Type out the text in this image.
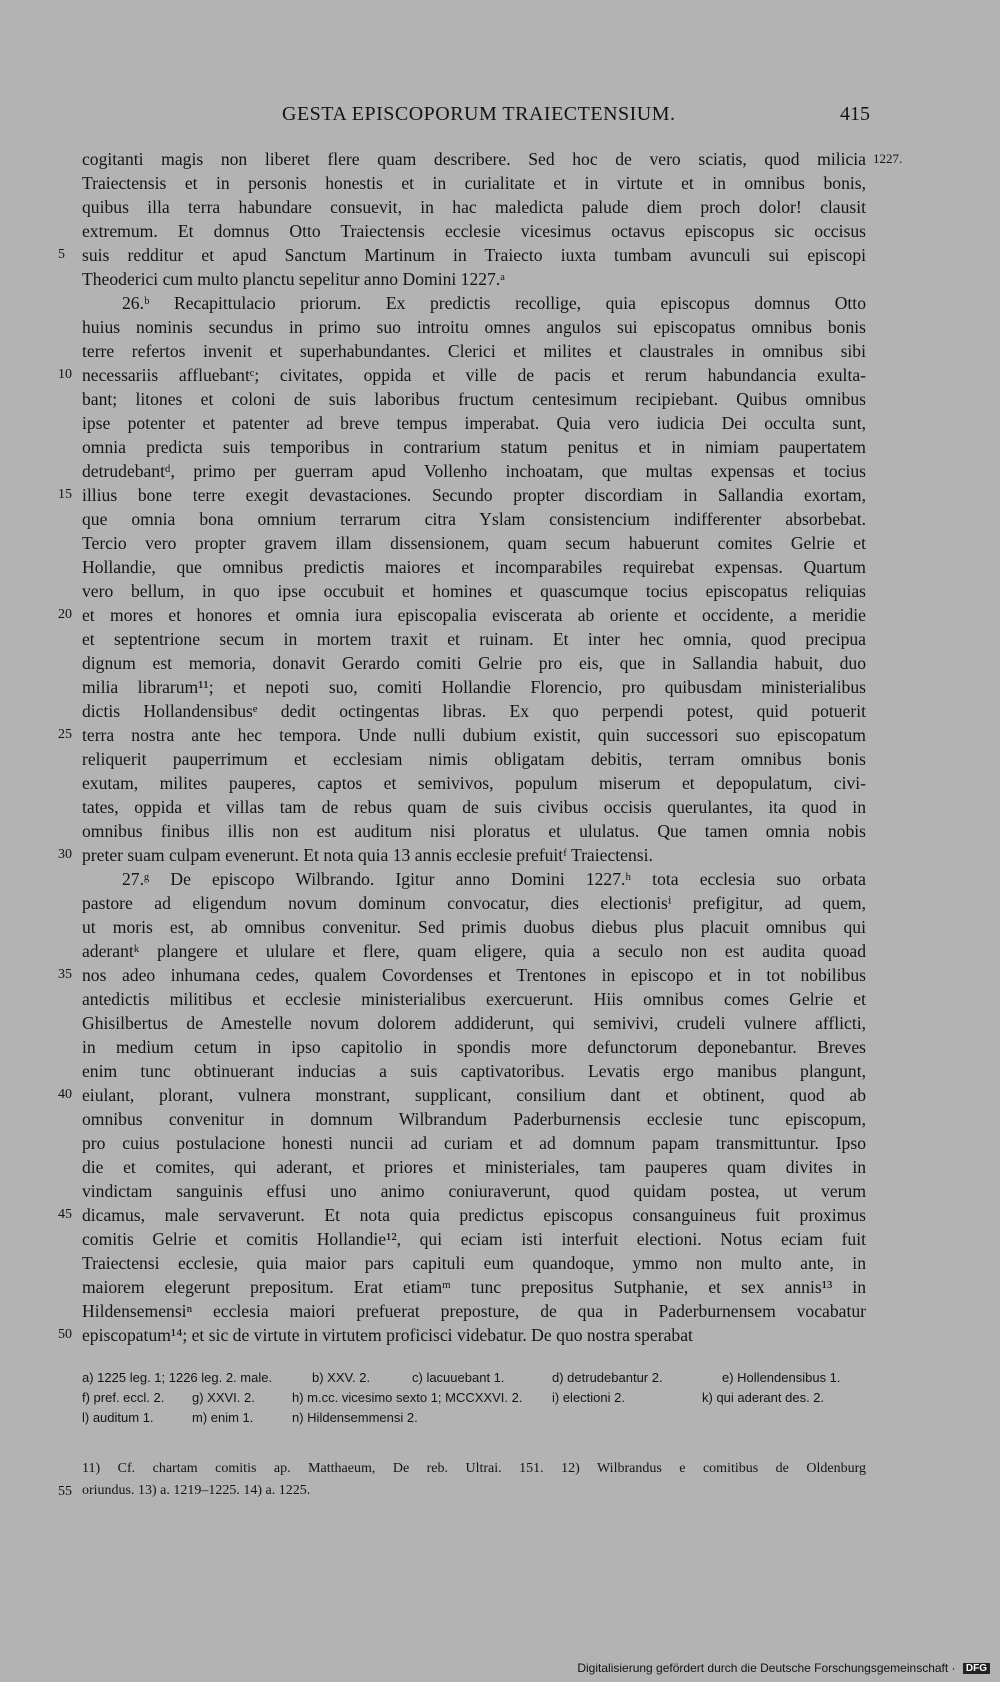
GESTA EPISCOPORUM TRAIECTENSIUM.	415
cogitanti magis non liberet flere quam describere. Sed hoc de vero sciatis, quod milicia
Traiectensis et in personis honestis et in curialitate et in virtute et in omnibus bonis,
quibus illa terra habundare consuevit, in hac maledicta palude diem proch dolor! clausit
extremum. Et domnus Otto Traiectensis ecclesie vicesimus octavus episcopus sic occisus
suis redditur et apud Sanctum Martinum in Traiecto iuxta tumbam avunculi sui episcopi
Theoderici cum multo planctu sepelitur anno Domini 1227.ᵃ
26.ᵇ Recapittulacio priorum. Ex predictis recollige, quia episcopus domnus Otto
huius nominis secundus in primo suo introitu omnes angulos sui episcopatus omnibus bonis
terre refertos invenit et superhabundantes. Clerici et milites et claustrales in omnibus sibi
necessariis affluebantᶜ; civitates, oppida et ville de pacis et rerum habundancia exulta-
bant; litones et coloni de suis laboribus fructum centesimum recipiebant. Quibus omnibus
ipse potenter et patenter ad breve tempus imperabat. Quia vero iudicia Dei occulta sunt,
omnia predicta suis temporibus in contrarium statum penitus et in nimiam paupertatem
detrudebantᵈ, primo per guerram apud Vollenho inchoatam, que multas expensas et tocius
illius bone terre exegit devastaciones. Secundo propter discordiam in Sallandia exortam,
que omnia bona omnium terrarum citra Yslam consistencium indifferenter absorbebat.
Tercio vero propter gravem illam dissensionem, quam secum habuerunt comites Gelrie et
Hollandie, que omnibus predictis maiores et incomparabiles requirebat expensas. Quartum
vero bellum, in quo ipse occubuit et homines et quascumque tocius episcopatus reliquias
et mores et honores et omnia iura episcopalia eviscerata ab oriente et occidente, a meridie
et septentrione secum in mortem traxit et ruinam. Et inter hec omnia, quod precipua
dignum est memoria, donavit Gerardo comiti Gelrie pro eis, que in Sallandia habuit, duo
milia librarum¹¹; et nepoti suo, comiti Hollandie Florencio, pro quibusdam ministerialibus
dictis Hollandensibusᵉ dedit octingentas libras. Ex quo perpendi potest, quid potuerit
terra nostra ante hec tempora. Unde nulli dubium existit, quin successori suo episcopatum
reliquerit pauperrimum et ecclesiam nimis obligatam debitis, terram omnibus bonis
exutam, milites pauperes, captos et semivivos, populum miserum et depopulatum, civi-
tates, oppida et villas tam de rebus quam de suis civibus occisis querulantes, ita quod in
omnibus finibus illis non est auditum nisi ploratus et ululatus. Que tamen omnia nobis
preter suam culpam evenerunt. Et nota quia 13 annis ecclesie prefuitᶠ Traiectensi.
27.ᵍ De episcopo Wilbrando. Igitur anno Domini 1227.ʰ tota ecclesia suo orbata
pastore ad eligendum novum dominum convocatur, dies electionisⁱ prefigitur, ad quem,
ut moris est, ab omnibus convenitur. Sed primis duobus diebus plus placuit omnibus qui
aderantᵏ plangere et ululare et flere, quam eligere, quia a seculo non est audita quoad
nos adeo inhumana cedes, qualem Covordenses et Trentones in episcopo et in tot nobilibus
antedictis militibus et ecclesie ministerialibus exercuerunt. Hiis omnibus comes Gelrie et
Ghisilbertus de Amestelle novum dolorem addiderunt, qui semivivi, crudeli vulnere afflicti,
in medium cetum in ipso capitolio in spondis more defunctorum deponebantur. Breves
enim tunc obtinuerant inducias a suis captivatoribus. Levatis ergo manibus plangunt,
eiulant, plorant, vulnera monstrant, supplicant, consilium dant et obtinent, quod ab
omnibus convenitur in domnum Wilbrandum Paderburnensis ecclesie tunc episcopum,
pro cuius postulacione honesti nuncii ad curiam et ad domnum papam transmittuntur. Ipso
die et comites, qui aderant, et priores et ministeriales, tam pauperes quam divites in
vindictam sanguinis effusi uno animo coniuraverunt, quod quidam postea, ut verum
dicamus, male servaverunt. Et nota quia predictus episcopus consanguineus fuit proximus
comitis Gelrie et comitis Hollandie¹², qui eciam isti interfuit electioni. Notus eciam fuit
Traiectensi ecclesie, quia maior pars capituli eum quandoque, ymmo non multo ante, in
maiorem elegerunt prepositum. Erat etiamᵐ tunc prepositus Sutphanie, et sex annis¹³ in
Hildensemensiⁿ ecclesia maiori prefuerat preposture, de qua in Paderburnensem vocabatur
episcopatum¹⁴; et sic de virtute in virtutem proficisci videbatur. De quo nostra sperabat
5
10
15
20
25
30
35
40
45
50
1227.
a) 1225 leg. 1; 1226 leg. 2. male.	b) XXV. 2.	c) lacuuebant 1.	d) detrudebantur 2.	e) Hollendensibus 1.
f) pref. eccl. 2. g) XXVI. 2.	h) m.cc. vicesimo sexto 1; MCCXXVI. 2. i) electioni 2.	k) qui aderant des. 2.
l) auditum 1.	m) enim 1.	n) Hildensemmensi 2.
11) Cf. chartam comitis ap. Matthaeum, De reb. Ultrai. 151. 12) Wilbrandus e comitibus de Oldenburg
oriundus. 13) a. 1219–1225. 14) a. 1225.
55
Digitalisierung gefördert durch die Deutsche Forschungsgemeinschaft · DFG
